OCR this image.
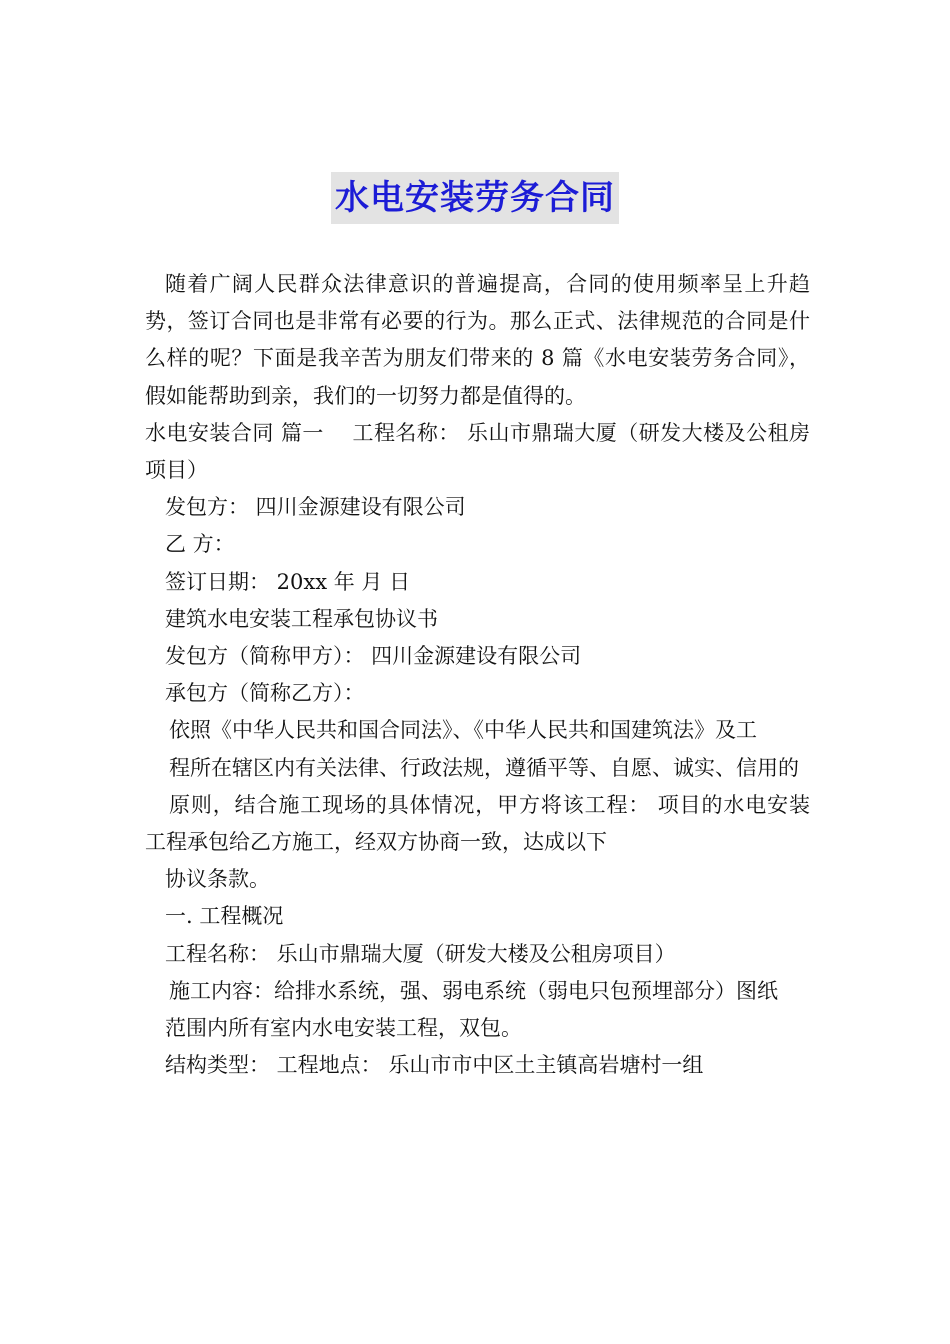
水电安装劳务合同

随着广阔人民群众法律意识的普遍提高，合同的使用频率呈上升趋势，签订合同也是非常有必要的行为。那么正式、法律规范的合同是什么样的呢？下面是我辛苦为朋友们带来的 8 篇《水电安装劳务合同》，假如能帮助到亲，我们的一切努力都是值得的。

水电安装合同 篇一　 工程名称： 乐山市鼎瑞大厦（研发大楼及公租房项目）

发包方： 四川金源建设有限公司

乙 方：

签订日期： 20xx 年 月 日

建筑水电安装工程承包协议书

发包方（简称甲方）： 四川金源建设有限公司

承包方（简称乙方）：

依照《中华人民共和国合同法》、《中华人民共和国建筑法》及工

程所在辖区内有关法律、行政法规，遵循平等、自愿、诚实、信用的

原则，结合施工现场的具体情况，甲方将该工程： 项目的水电安装 工程承包给乙方施工，经双方协商一致，达成以下

协议条款。

一. 工程概况

工程名称： 乐山市鼎瑞大厦（研发大楼及公租房项目）

施工内容：给排水系统，强、弱电系统（弱电只包预埋部分）图纸

范围内所有室内水电安装工程，双包。

结构类型： 工程地点： 乐山市市中区土主镇高岩塘村一组
